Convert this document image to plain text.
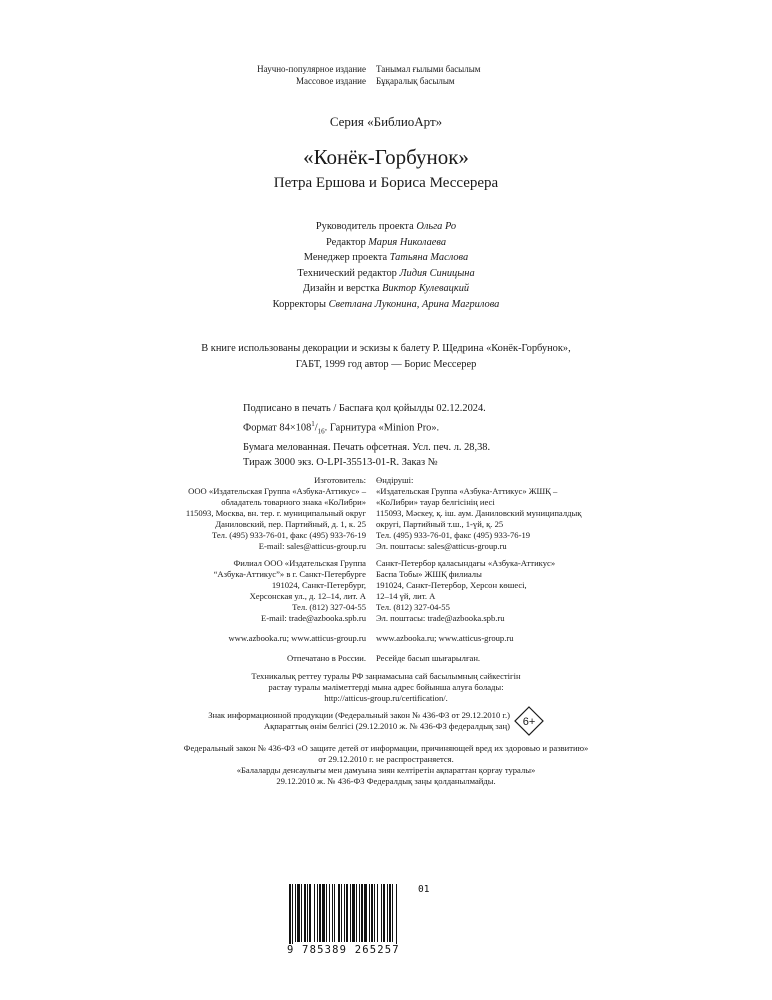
Научно-популярное издание
Массовое издание
Танымал ғылыми басылым
Бұқаралық басылым
Серия «БиблиоАрт»
«Конёк-Горбунок»
Петра Ершова и Бориса Мессерера
Руководитель проекта Ольга Ро
Редактор Мария Николаева
Менеджер проекта Татьяна Маслова
Технический редактор Лидия Синицына
Дизайн и верстка Виктор Кулевацкий
Корректоры Светлана Луконина, Арина Магрилова
В книге использованы декорации и эскизы к балету Р. Щедрина «Конёк-Горбунок»,
ГАБТ, 1999 год автор — Борис Мессерер
Подписано в печать / Баспаға қол қойылды 02.12.2024.
Формат $84\times 108^1/_{16}$. Гарнитура «Minion Pro».
Бумага мелованная. Печать офсетная. Усл. печ. л. 28,38.
Тираж 3000 экз. O-LPI-35513-01-R. Заказ №
Изготовитель:
ООО «Издательская Группа «Азбука-Аттикус» –
обладатель товарного знака «КоЛибри»
115093, Москва, вн. тер. г. муниципальный округ
Даниловский, пер. Партийный, д. 1, к. 25
Тел. (495) 933-76-01, факс (495) 933-76-19
E-mail: sales@atticus-group.ru
Филиал ООО «Издательская Группа
“Азбука-Аттикус”» в г. Санкт-Петербурге
191024, Санкт-Петербург,
Херсонская ул., д. 12–14, лит. А
Тел. (812) 327-04-55
E-mail: trade@azbooka.spb.ru
www.azbooka.ru; www.atticus-group.ru
Отпечатано в России.
Өндіруші:
«Издательская Группа «Азбука-Аттикус» ЖШҚ –
«КоЛибри» тауар белгісінің иесі
115093, Мәскеу, қ. іш. аум. Даниловский муниципалдық
округі, Партийный т.ш., 1-үй, қ. 25
Тел. (495) 933-76-01, факс (495) 933-76-19
Эл. поштасы: sales@atticus-group.ru
Санкт-Петербор қаласындағы «Азбука-Аттикус»
Баспа Тобы» ЖШҚ филиалы
191024, Санкт-Петербор, Херсон көшесі,
12–14 үй, лит. А
Тел. (812) 327-04-55
Эл. поштасы: trade@azbooka.spb.ru
www.azbooka.ru; www.atticus-group.ru
Ресейде басып шығарылған.
Техникалық реттеу туралы РФ заңнамасына сай басылымның сәйкестігін
растау туралы мәліметтерді мына адрес бойынша алуға болады:
http://atticus-group.ru/certification/.
Знак информационной продукции (Федеральный закон № 436-ФЗ от 29.12.2010 г.)
Ақпараттық өнім белгісі (29.12.2010 ж. № 436-ФЗ федералдық заң) 6+
Федеральный закон № 436-ФЗ «О защите детей от информации, причиняющей вред их здоровью и развитию»
от 29.12.2010 г. не распространяется.
«Балаларды денсаулығы мен дамуына зиян келтіретін ақпараттан қорғау туралы»
29.12.2010 ж. № 436-ФЗ Федералдық заңы қолданылмайды.
9 785389 265257
01
